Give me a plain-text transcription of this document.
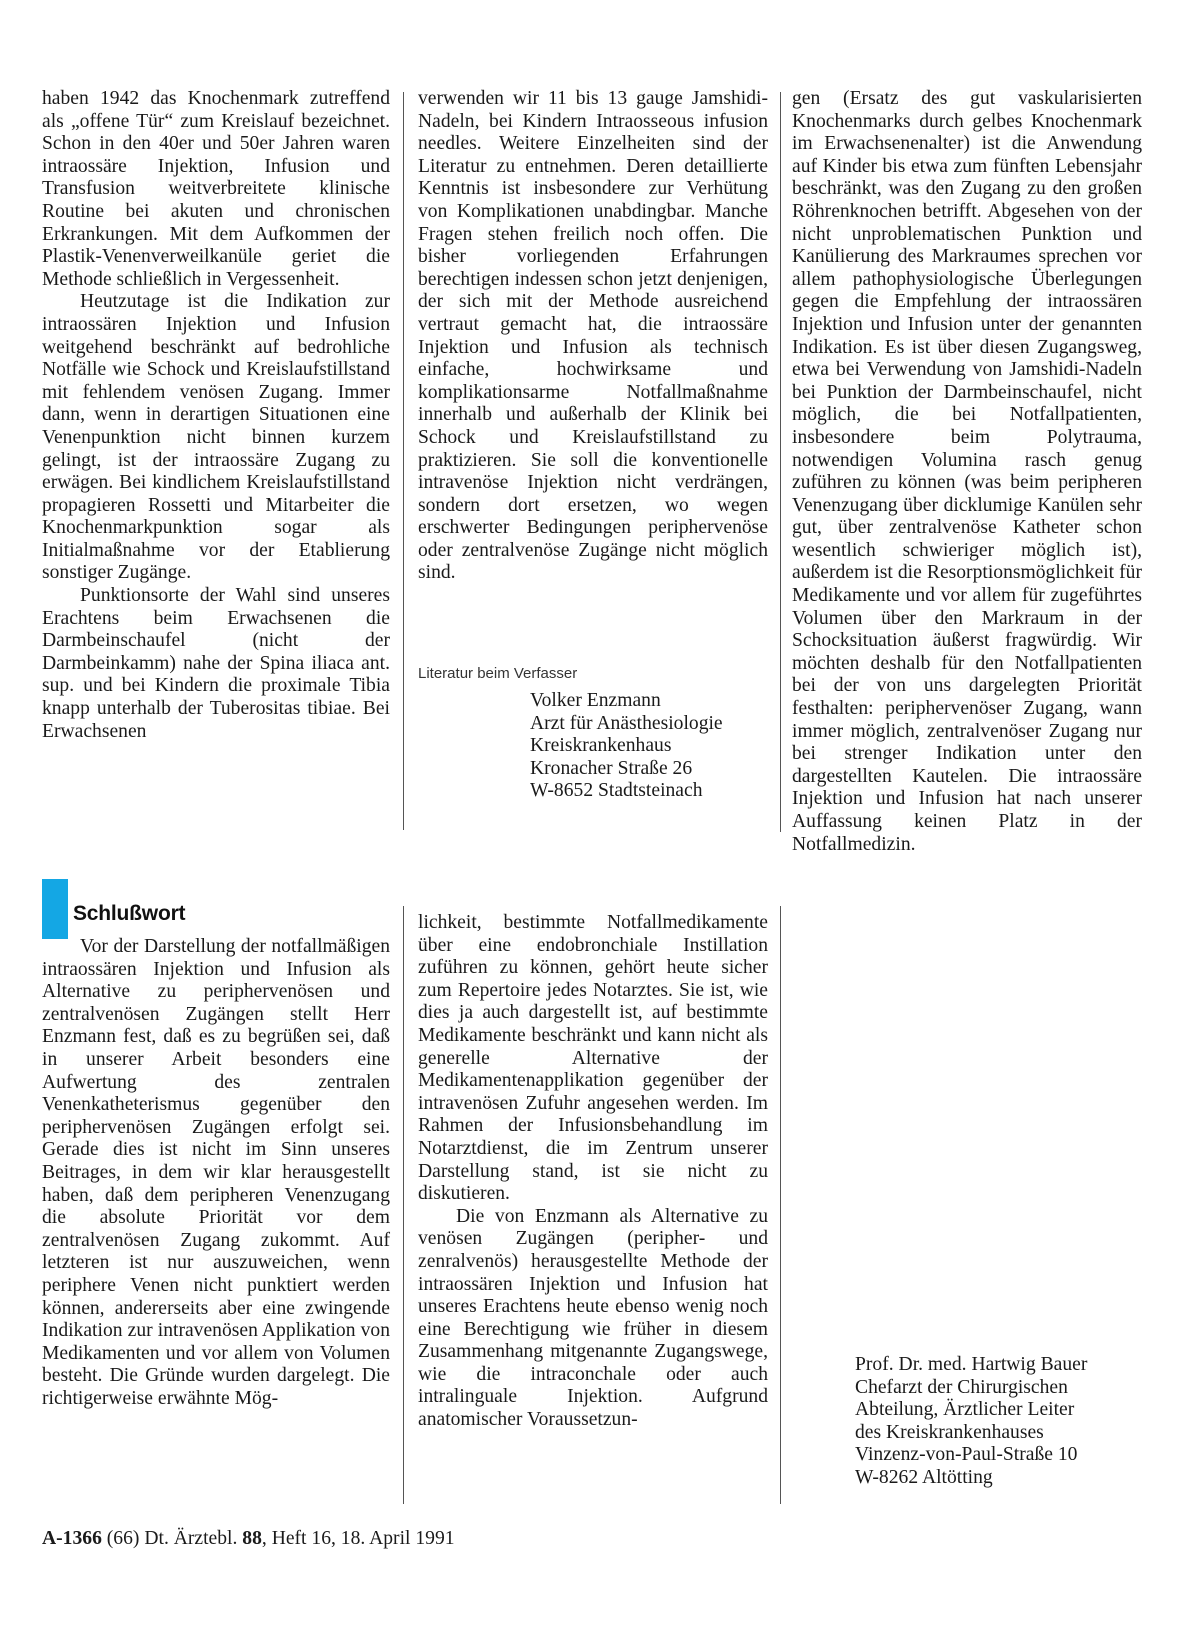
haben 1942 das Knochenmark zutreffend als „offene Tür“ zum Kreislauf bezeichnet. Schon in den 40er und 50er Jahren waren intraossäre Injektion, Infusion und Transfusion weitverbreitete klinische Routine bei akuten und chronischen Erkrankungen. Mit dem Aufkommen der Plastik-Venenverweilkanüle geriet die Methode schließlich in Vergessenheit.

Heutzutage ist die Indikation zur intraossären Injektion und Infusion weitgehend beschränkt auf bedrohliche Notfälle wie Schock und Kreislaufstillstand mit fehlendem venösen Zugang. Immer dann, wenn in derartigen Situationen eine Venenpunktion nicht binnen kurzem gelingt, ist der intraossäre Zugang zu erwägen. Bei kindlichem Kreislaufstillstand propagieren Rossetti und Mitarbeiter die Knochenmarkpunktion sogar als Initialmaßnahme vor der Etablierung sonstiger Zugänge.

Punktionsorte der Wahl sind unseres Erachtens beim Erwachsenen die Darmbeinschaufel (nicht der Darmbeinkamm) nahe der Spina iliaca ant. sup. und bei Kindern die proximale Tibia knapp unterhalb der Tuberositas tibiae. Bei Erwachsenen

verwenden wir 11 bis 13 gauge Jamshidi-Nadeln, bei Kindern Intraosseous infusion needles. Weitere Einzelheiten sind der Literatur zu entnehmen. Deren detaillierte Kenntnis ist insbesondere zur Verhütung von Komplikationen unabdingbar. Manche Fragen stehen freilich noch offen. Die bisher vorliegenden Erfahrungen berechtigen indessen schon jetzt denjenigen, der sich mit der Methode ausreichend vertraut gemacht hat, die intraossäre Injektion und Infusion als technisch einfache, hochwirksame und komplikationsarme Notfallmaßnahme innerhalb und außerhalb der Klinik bei Schock und Kreislaufstillstand zu praktizieren. Sie soll die konventionelle intravenöse Injektion nicht verdrängen, sondern dort ersetzen, wo wegen erschwerter Bedingungen periphervenöse oder zentralvenöse Zugänge nicht möglich sind.

Literatur beim Verfasser
Volker Enzmann
Arzt für Anästhesiologie
Kreiskrankenhaus
Kronacher Straße 26
W-8652 Stadtsteinach

gen (Ersatz des gut vaskularisierten Knochenmarks durch gelbes Knochenmark im Erwachsenenalter) ist die Anwendung auf Kinder bis etwa zum fünften Lebensjahr beschränkt, was den Zugang zu den großen Röhrenknochen betrifft. Abgesehen von der nicht unproblematischen Punktion und Kanülierung des Markraumes sprechen vor allem pathophysiologische Überlegungen gegen die Empfehlung der intraossären Injektion und Infusion unter der genannten Indikation. Es ist über diesen Zugangsweg, etwa bei Verwendung von Jamshidi-Nadeln bei Punktion der Darmbeinschaufel, nicht möglich, die bei Notfallpatienten, insbesondere beim Polytrauma, notwendigen Volumina rasch genug zuführen zu können (was beim peripheren Venenzugang über dicklumige Kanülen sehr gut, über zentralvenöse Katheter schon wesentlich schwieriger möglich ist), außerdem ist die Resorptionsmöglichkeit für Medikamente und vor allem für zugeführtes Volumen über den Markraum in der Schocksituation äußerst fragwürdig. Wir möchten deshalb für den Notfallpatienten bei der von uns dargelegten Priorität festhalten: periphervenöser Zugang, wann immer möglich, zentralvenöser Zugang nur bei strenger Indikation unter den dargestellten Kautelen. Die intraossäre Injektion und Infusion hat nach unserer Auffassung keinen Platz in der Notfallmedizin.

Schlußwort

Vor der Darstellung der notfallmäßigen intraossären Injektion und Infusion als Alternative zu periphervenösen und zentralvenösen Zugängen stellt Herr Enzmann fest, daß es zu begrüßen sei, daß in unserer Arbeit besonders eine Aufwertung des zentralen Venenkatheterismus gegenüber den periphervenösen Zugängen erfolgt sei. Gerade dies ist nicht im Sinn unseres Beitrages, in dem wir klar herausgestellt haben, daß dem peripheren Venenzugang die absolute Priorität vor dem zentralvenösen Zugang zukommt. Auf letzteren ist nur auszuweichen, wenn periphere Venen nicht punktiert werden können, andererseits aber eine zwingende Indikation zur intravenösen Applikation von Medikamenten und vor allem von Volumen besteht. Die Gründe wurden dargelegt. Die richtigerweise erwähnte Mög-

lichkeit, bestimmte Notfallmedikamente über eine endobronchiale Instillation zuführen zu können, gehört heute sicher zum Repertoire jedes Notarztes. Sie ist, wie dies ja auch dargestellt ist, auf bestimmte Medikamente beschränkt und kann nicht als generelle Alternative der Medikamentenapplikation gegenüber der intravenösen Zufuhr angesehen werden. Im Rahmen der Infusionsbehandlung im Notarztdienst, die im Zentrum unserer Darstellung stand, ist sie nicht zu diskutieren.

Die von Enzmann als Alternative zu venösen Zugängen (peripher- und zenralvenös) herausgestellte Methode der intraossären Injektion und Infusion hat unseres Erachtens heute ebenso wenig noch eine Berechtigung wie früher in diesem Zusammenhang mitgenannte Zugangswege, wie die intraconchale oder auch intralinguale Injektion. Aufgrund anatomischer Voraussetzun-

Prof. Dr. med. Hartwig Bauer
Chefarzt der Chirurgischen
Abteilung, Ärztlicher Leiter
des Kreiskrankenhauses
Vinzenz-von-Paul-Straße 10
W-8262 Altötting
A-1366 (66) Dt. Ärztebl. 88, Heft 16, 18. April 1991
